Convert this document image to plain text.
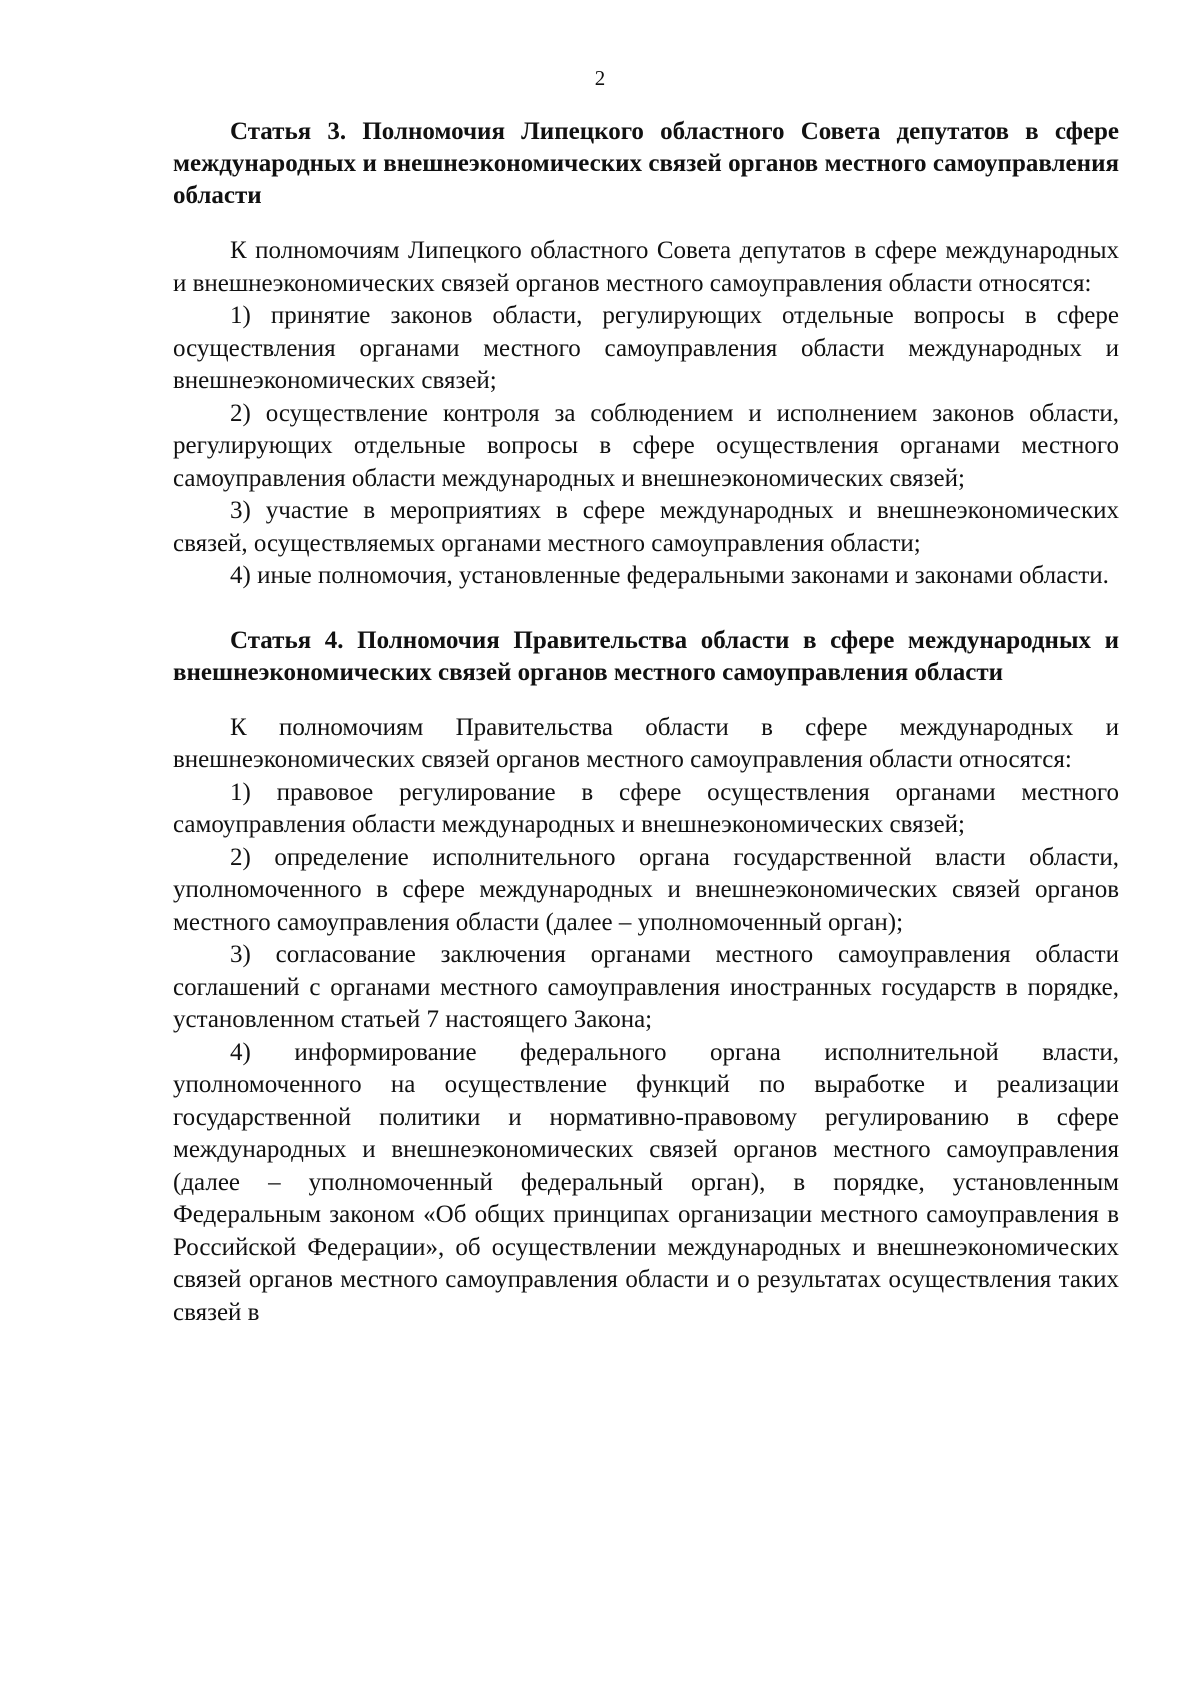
2

Статья 3. Полномочия Липецкого областного Совета депутатов в сфере международных и внешнеэкономических связей органов местного самоуправления области

К полномочиям Липецкого областного Совета депутатов в сфере международных и внешнеэкономических связей органов местного самоуправления области относятся:

1) принятие законов области, регулирующих отдельные вопросы в сфере осуществления органами местного самоуправления области международных и внешнеэкономических связей;

2) осуществление контроля за соблюдением и исполнением законов области, регулирующих отдельные вопросы в сфере осуществления органами местного самоуправления области международных и внешнеэкономических связей;

3) участие в мероприятиях в сфере международных и внешнеэкономических связей, осуществляемых органами местного самоуправления области;

4) иные полномочия, установленные федеральными законами и законами области.

Статья 4. Полномочия Правительства области в сфере международных и внешнеэкономических связей органов местного самоуправления области

К полномочиям Правительства области в сфере международных и внешнеэкономических связей органов местного самоуправления области относятся:

1) правовое регулирование в сфере осуществления органами местного самоуправления области международных и внешнеэкономических связей;

2) определение исполнительного органа государственной власти области, уполномоченного в сфере международных и внешнеэкономических связей органов местного самоуправления области (далее – уполномоченный орган);

3) согласование заключения органами местного самоуправления области соглашений с органами местного самоуправления иностранных государств в порядке, установленном статьей 7 настоящего Закона;

4) информирование федерального органа исполнительной власти, уполномоченного на осуществление функций по выработке и реализации государственной политики и нормативно-правовому регулированию в сфере международных и внешнеэкономических связей органов местного самоуправления (далее – уполномоченный федеральный орган), в порядке, установленным Федеральным законом «Об общих принципах организации местного самоуправления в Российской Федерации», об осуществлении международных и внешнеэкономических связей органов местного самоуправления области и о результатах осуществления таких связей в
